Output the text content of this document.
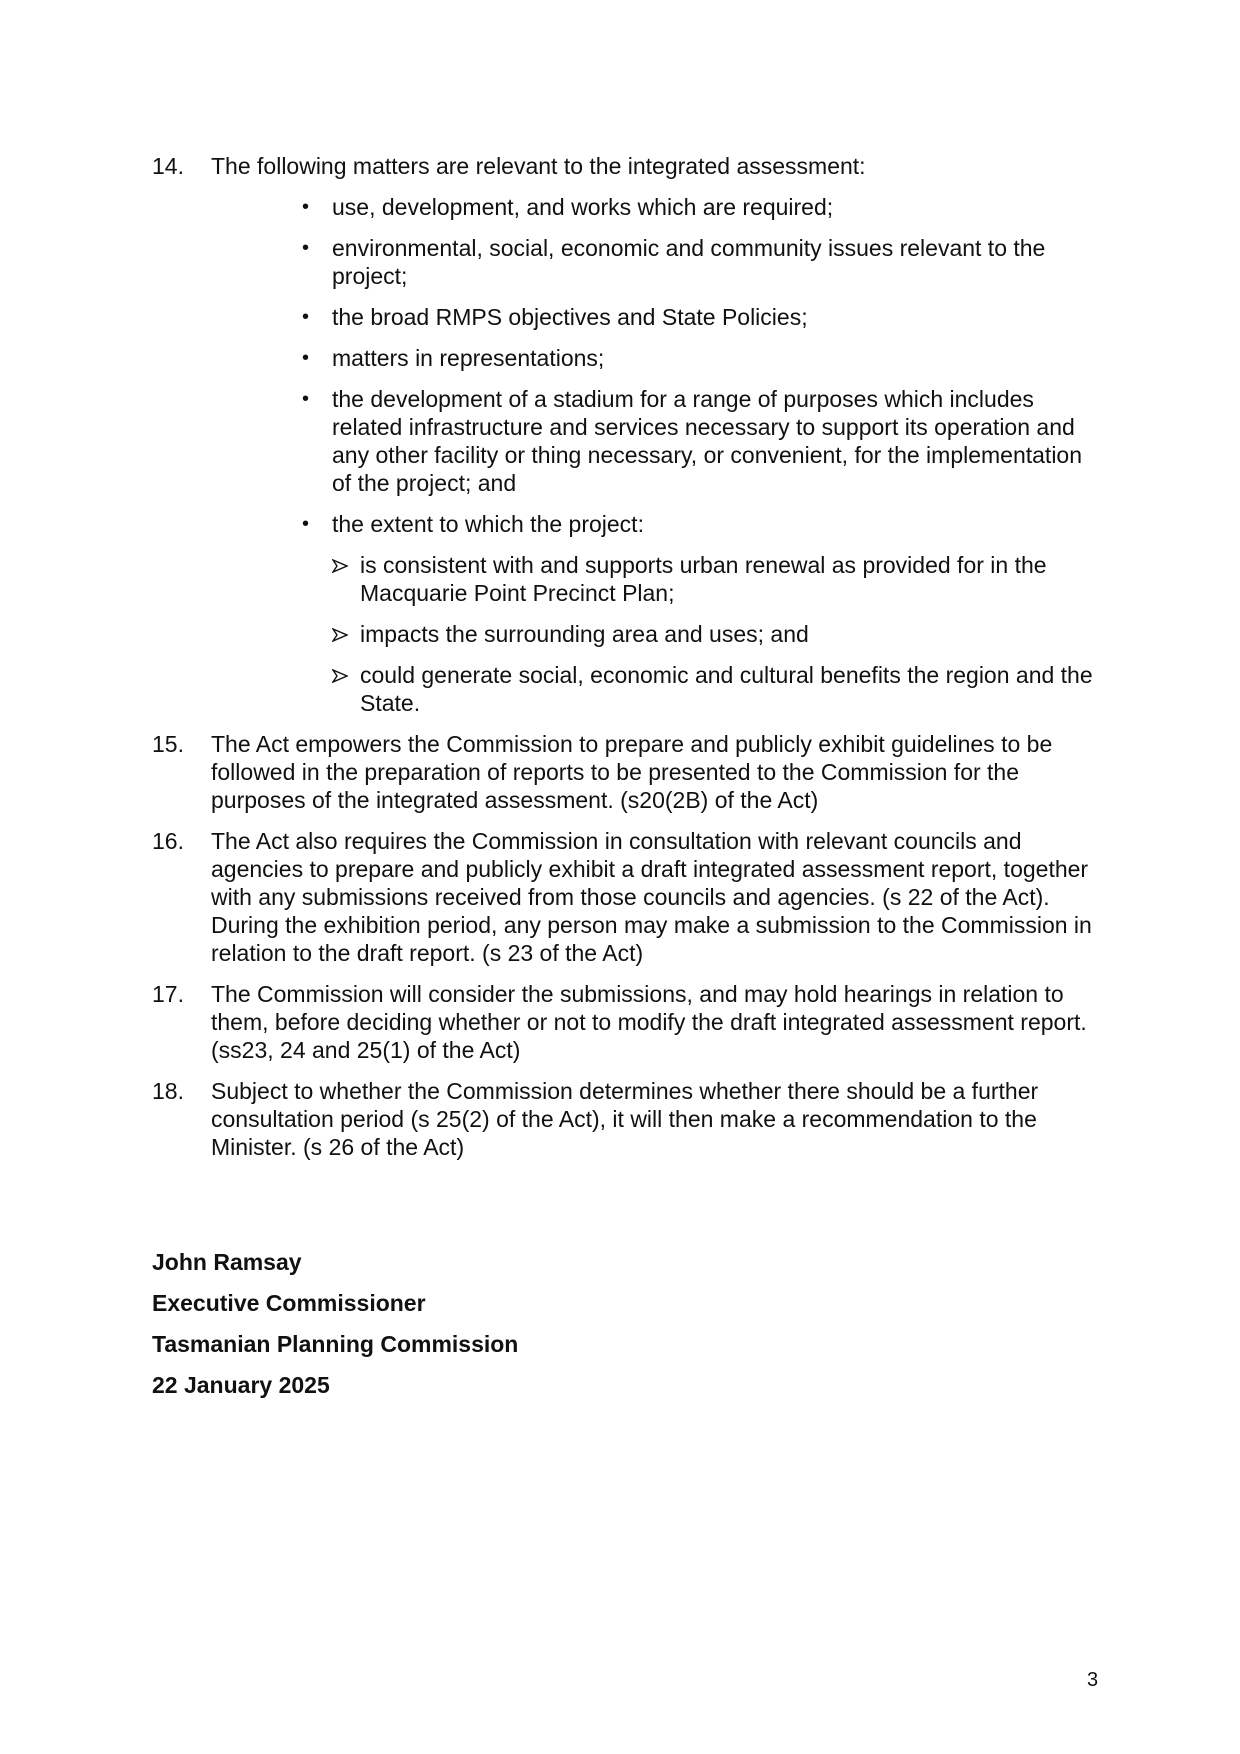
14.	The following matters are relevant to the integrated assessment:
• use, development, and works which are required;
• environmental, social, economic and community issues relevant to the project;
• the broad RMPS objectives and State Policies;
• matters in representations;
• the development of a stadium for a range of purposes which includes related infrastructure and services necessary to support its operation and any other facility or thing necessary, or convenient, for the implementation of the project; and
• the extent to which the project:
is consistent with and supports urban renewal as provided for in the Macquarie Point Precinct Plan;
impacts the surrounding area and uses; and
could generate social, economic and cultural benefits the region and the State.
15.	The Act empowers the Commission to prepare and publicly exhibit guidelines to be followed in the preparation of reports to be presented to the Commission for the purposes of the integrated assessment. (s20(2B) of the Act)
16.	The Act also requires the Commission in consultation with relevant councils and agencies to prepare and publicly exhibit a draft integrated assessment report, together with any submissions received from those councils and agencies. (s 22 of the Act). During the exhibition period, any person may make a submission to the Commission in relation to the draft report. (s 23 of the Act)
17.	The Commission will consider the submissions, and may hold hearings in relation to them, before deciding whether or not to modify the draft integrated assessment report. (ss23, 24 and 25(1) of the Act)
18.	Subject to whether the Commission determines whether there should be a further consultation period (s 25(2) of the Act), it will then make a recommendation to the Minister. (s 26 of the Act)
John Ramsay
Executive Commissioner
Tasmanian Planning Commission
22 January 2025
3
